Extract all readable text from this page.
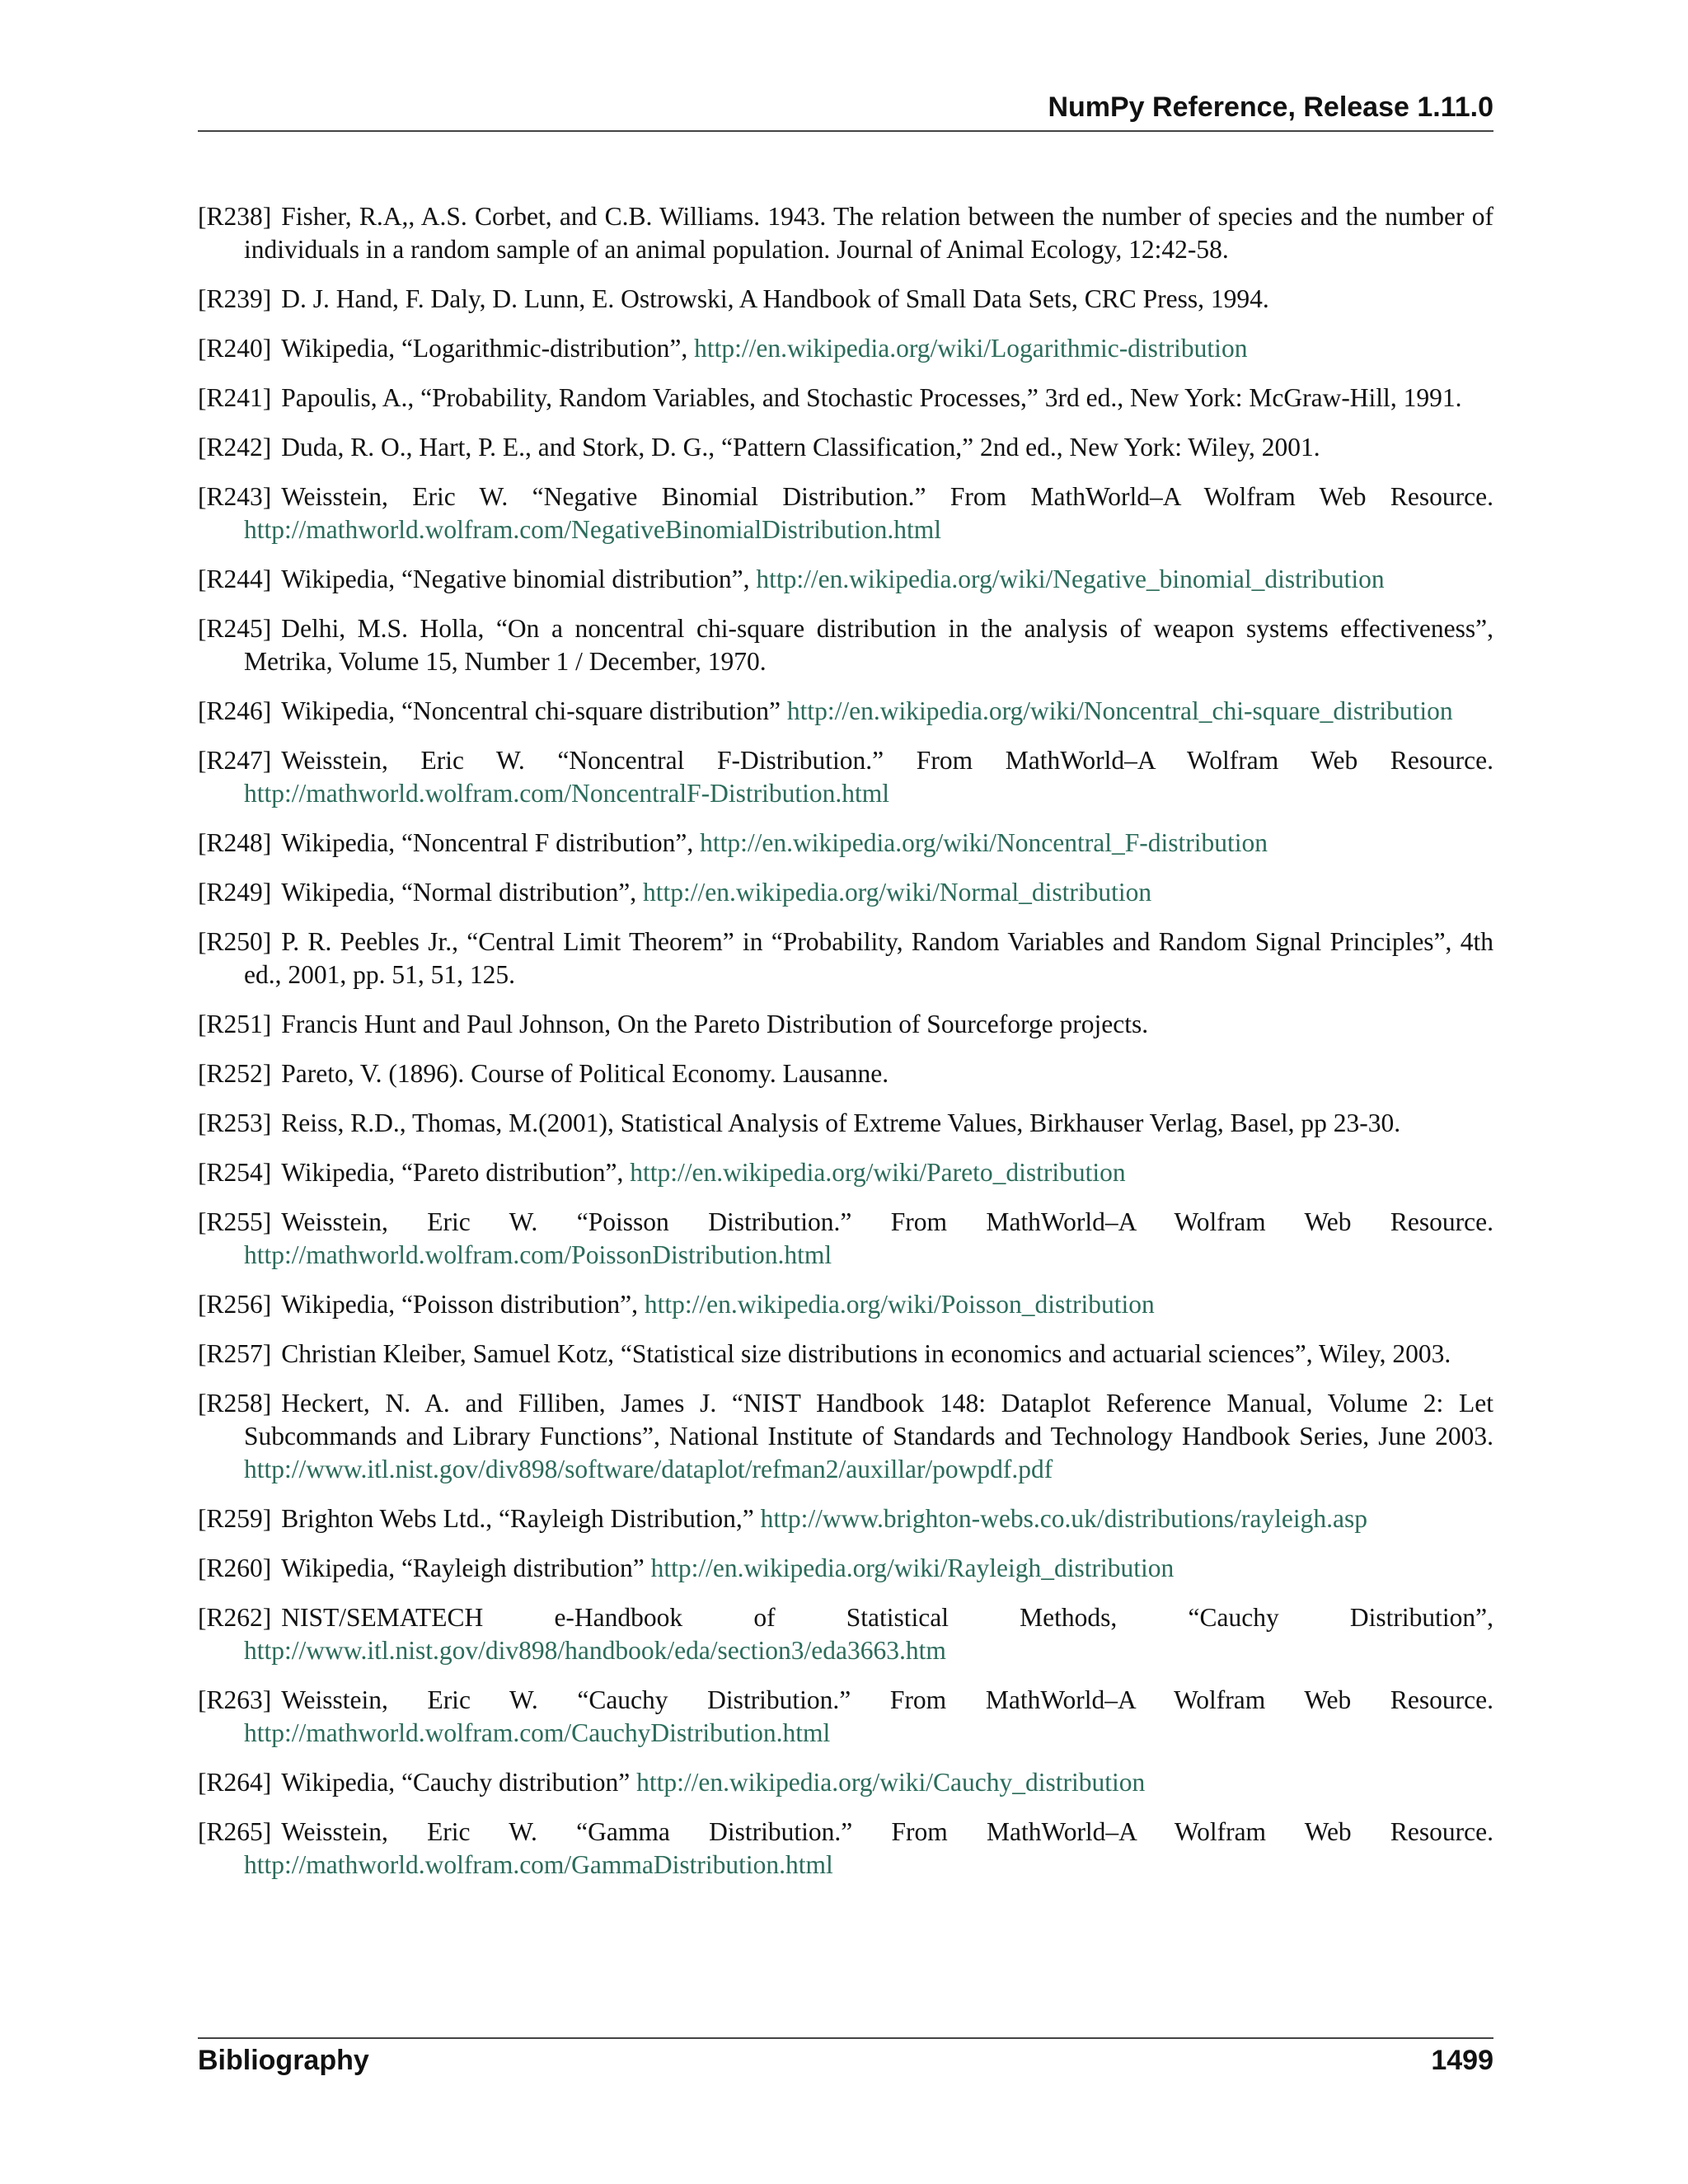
NumPy Reference, Release 1.11.0
[R238] Fisher, R.A,, A.S. Corbet, and C.B. Williams. 1943. The relation between the number of species and the number of individuals in a random sample of an animal population. Journal of Animal Ecology, 12:42-58.
[R239] D. J. Hand, F. Daly, D. Lunn, E. Ostrowski, A Handbook of Small Data Sets, CRC Press, 1994.
[R240] Wikipedia, “Logarithmic-distribution”, http://en.wikipedia.org/wiki/Logarithmic-distribution
[R241] Papoulis, A., “Probability, Random Variables, and Stochastic Processes,” 3rd ed., New York: McGraw-Hill, 1991.
[R242] Duda, R. O., Hart, P. E., and Stork, D. G., “Pattern Classification,” 2nd ed., New York: Wiley, 2001.
[R243] Weisstein, Eric W. “Negative Binomial Distribution.” From MathWorld–A Wolfram Web Resource. http://mathworld.wolfram.com/NegativeBinomialDistribution.html
[R244] Wikipedia, “Negative binomial distribution”, http://en.wikipedia.org/wiki/Negative_binomial_distribution
[R245] Delhi, M.S. Holla, “On a noncentral chi-square distribution in the analysis of weapon systems effectiveness”, Metrika, Volume 15, Number 1 / December, 1970.
[R246] Wikipedia, “Noncentral chi-square distribution” http://en.wikipedia.org/wiki/Noncentral_chi-square_distribution
[R247] Weisstein, Eric W. “Noncentral F-Distribution.” From MathWorld–A Wolfram Web Resource. http://mathworld.wolfram.com/NoncentralF-Distribution.html
[R248] Wikipedia, “Noncentral F distribution”, http://en.wikipedia.org/wiki/Noncentral_F-distribution
[R249] Wikipedia, “Normal distribution”, http://en.wikipedia.org/wiki/Normal_distribution
[R250] P. R. Peebles Jr., “Central Limit Theorem” in “Probability, Random Variables and Random Signal Principles”, 4th ed., 2001, pp. 51, 51, 125.
[R251] Francis Hunt and Paul Johnson, On the Pareto Distribution of Sourceforge projects.
[R252] Pareto, V. (1896). Course of Political Economy. Lausanne.
[R253] Reiss, R.D., Thomas, M.(2001), Statistical Analysis of Extreme Values, Birkhauser Verlag, Basel, pp 23-30.
[R254] Wikipedia, “Pareto distribution”, http://en.wikipedia.org/wiki/Pareto_distribution
[R255] Weisstein, Eric W. “Poisson Distribution.” From MathWorld–A Wolfram Web Resource. http://mathworld.wolfram.com/PoissonDistribution.html
[R256] Wikipedia, “Poisson distribution”, http://en.wikipedia.org/wiki/Poisson_distribution
[R257] Christian Kleiber, Samuel Kotz, “Statistical size distributions in economics and actuarial sciences”, Wiley, 2003.
[R258] Heckert, N. A. and Filliben, James J. “NIST Handbook 148: Dataplot Reference Manual, Volume 2: Let Subcommands and Library Functions”, National Institute of Standards and Technology Handbook Series, June 2003. http://www.itl.nist.gov/div898/software/dataplot/refman2/auxillar/powpdf.pdf
[R259] Brighton Webs Ltd., “Rayleigh Distribution,” http://www.brighton-webs.co.uk/distributions/rayleigh.asp
[R260] Wikipedia, “Rayleigh distribution” http://en.wikipedia.org/wiki/Rayleigh_distribution
[R262] NIST/SEMATECH e-Handbook of Statistical Methods, “Cauchy Distribution”, http://www.itl.nist.gov/div898/handbook/eda/section3/eda3663.htm
[R263] Weisstein, Eric W. “Cauchy Distribution.” From MathWorld–A Wolfram Web Resource. http://mathworld.wolfram.com/CauchyDistribution.html
[R264] Wikipedia, “Cauchy distribution” http://en.wikipedia.org/wiki/Cauchy_distribution
[R265] Weisstein, Eric W. “Gamma Distribution.” From MathWorld–A Wolfram Web Resource. http://mathworld.wolfram.com/GammaDistribution.html
Bibliography	1499
